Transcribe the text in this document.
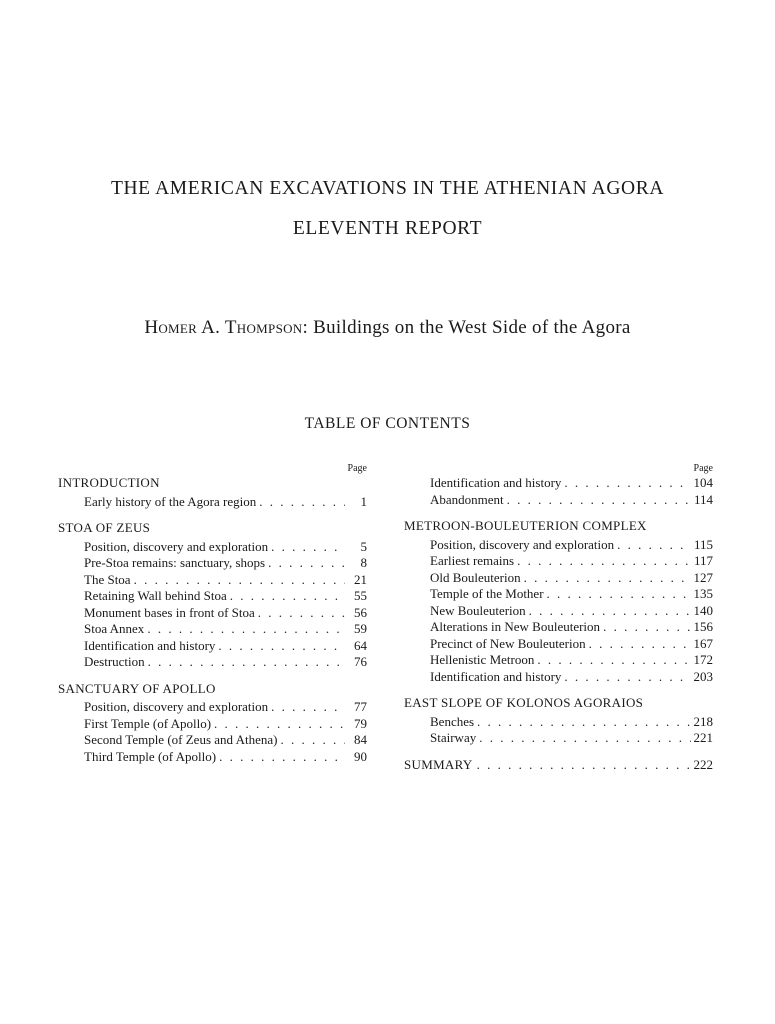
THE AMERICAN EXCAVATIONS IN THE ATHENIAN AGORA
ELEVENTH REPORT
Homer A. Thompson: Buildings on the West Side of the Agora
TABLE OF CONTENTS
Page
INTRODUCTION
Early history of the Agora region . . .	1
STOA OF ZEUS
Position, discovery and exploration . . .	5
Pre-Stoa remains: sanctuary, shops . . .	8
The Stoa . . .	21
Retaining Wall behind Stoa . . .	55
Monument bases in front of Stoa . . .	56
Stoa Annex . . .	59
Identification and history . . .	64
Destruction . . .	76
SANCTUARY OF APOLLO
Position, discovery and exploration . . .	77
First Temple (of Apollo) . . .	79
Second Temple (of Zeus and Athena) . . .	84
Third Temple (of Apollo) . . .	90
Page
Identification and history . . .	104
Abandonment . . .	114
METROON-BOULEUTERION COMPLEX
Position, discovery and exploration . . .	115
Earliest remains . . .	117
Old Bouleuterion . . .	127
Temple of the Mother . . .	135
New Bouleuterion . . .	140
Alterations in New Bouleuterion . . .	156
Precinct of New Bouleuterion . . .	167
Hellenistic Metroon . . .	172
Identification and history . . .	203
EAST SLOPE OF KOLONOS AGORAIOS
Benches . . .	218
Stairway . . .	221
SUMMARY . . .	222
